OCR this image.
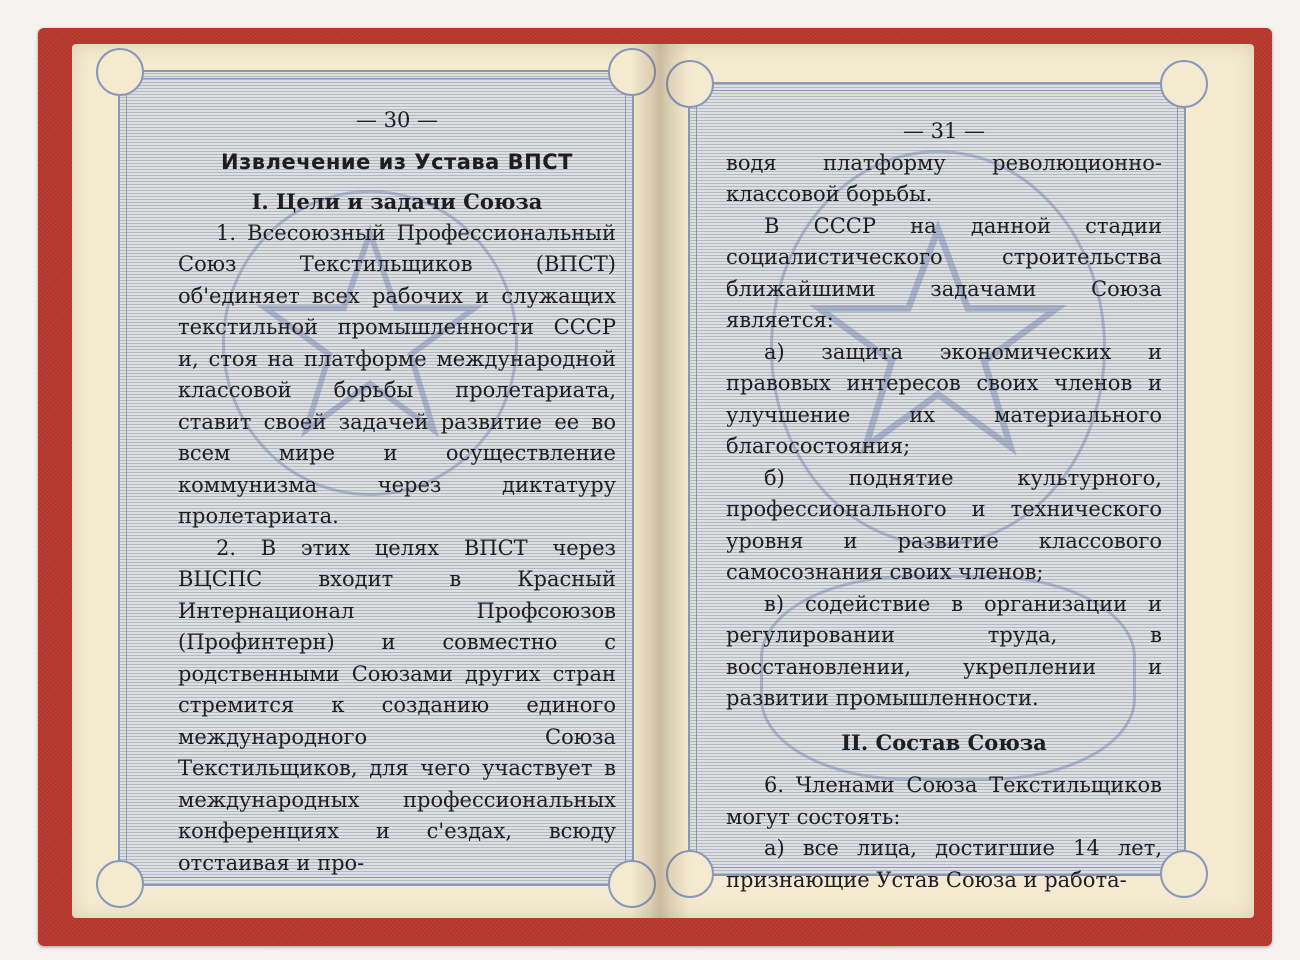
— 30 —

Извлечение из Устава ВПСТ

I. Цели и задачи Союза

1. Всесоюзный Профессиональный Союз Текстильщиков (ВПСТ) об'единяет всех рабочих и служащих текстильной промышленности СССР и, стоя на платформе международной классовой борьбы пролетариата, ставит своей задачей развитие ее во всем мире и осуществление коммунизма через диктатуру пролетариата.

2. В этих целях ВПСТ через ВЦСПС входит в Красный Интернационал Профсоюзов (Профинтерн) и совместно с родственными Союзами других стран стремится к созданию единого международного Союза Текстильщиков, для чего участвует в международных профессиональных конференциях и с'ездах, всюду отстаивая и про-

— 31 —

водя платформу революционно-классовой борьбы.

В СССР на данной стадии социалистического строительства ближайшими задачами Союза является:

а) защита экономических и правовых интересов своих членов и улучшение их материального благосостояния;

б) поднятие культурного, профессионального и технического уровня и развитие классового самосознания своих членов;

в) содействие в организации и регулировании труда, в восстановлении, укреплении и развитии промышленности.

II. Состав Союза

6. Членами Союза Текстильщиков могут состоять:

а) все лица, достигшие 14 лет, признающие Устав Союза и работа-
